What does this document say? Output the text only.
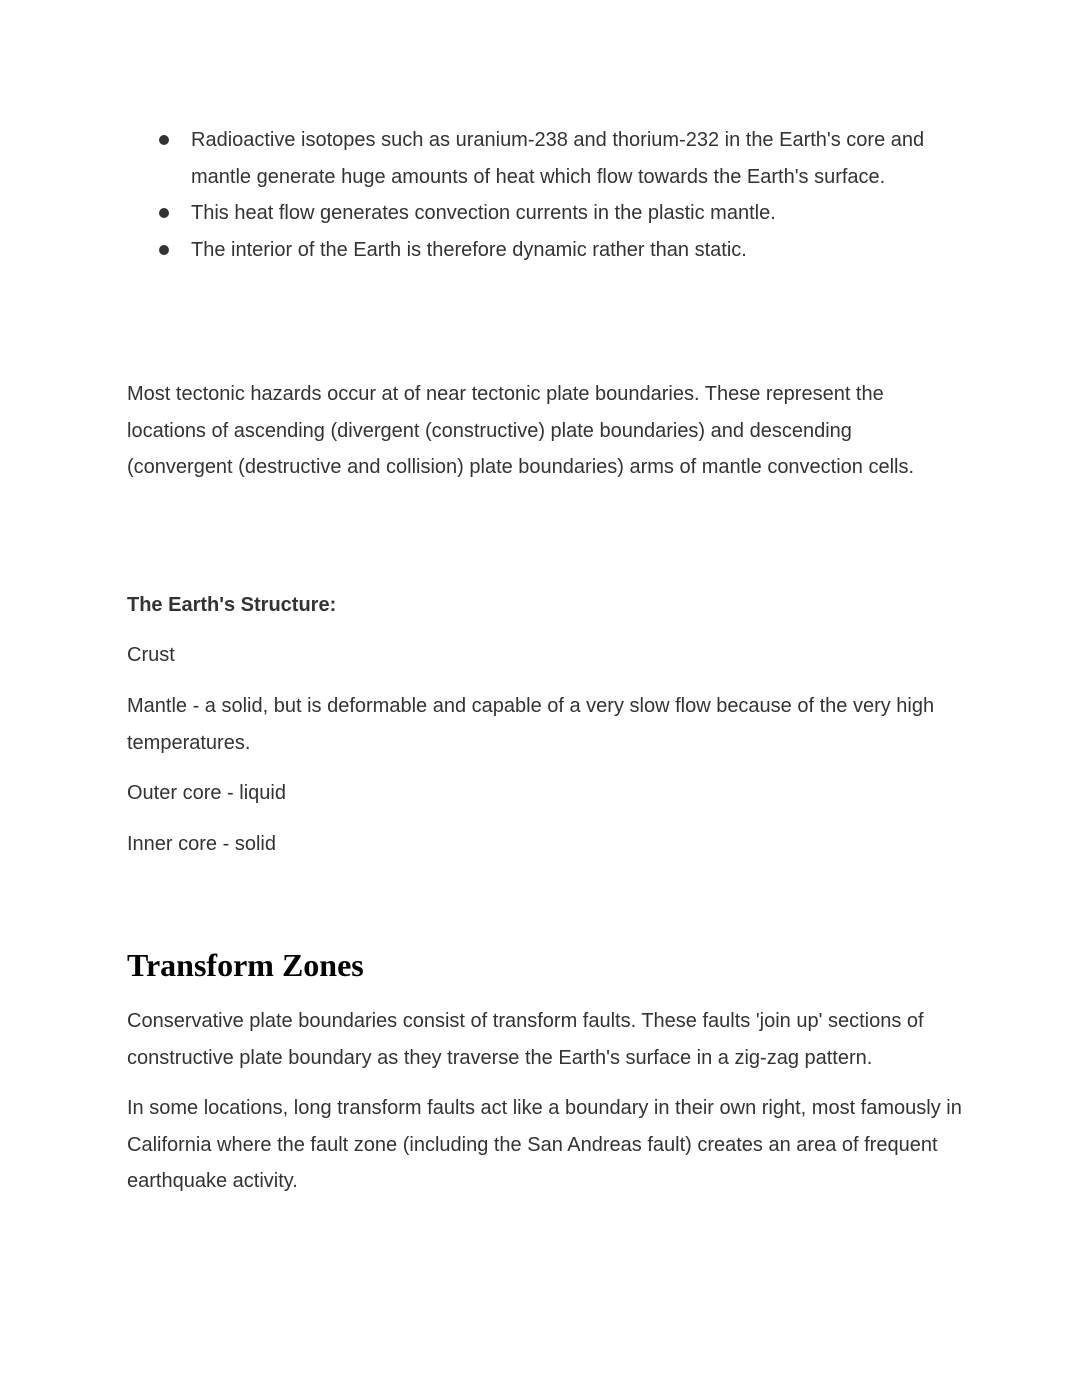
Radioactive isotopes such as uranium-238 and thorium-232 in the Earth's core and mantle generate huge amounts of heat which flow towards the Earth's surface.
This heat flow generates convection currents in the plastic mantle.
The interior of the Earth is therefore dynamic rather than static.

Most tectonic hazards occur at of near tectonic plate boundaries. These represent the locations of ascending (divergent (constructive) plate boundaries) and descending (convergent (destructive and collision) plate boundaries) arms of mantle convection cells.

The Earth's Structure:

Crust

Mantle - a solid, but is deformable and capable of a very slow flow because of the very high temperatures.

Outer core - liquid

Inner core - solid

Transform Zones

Conservative plate boundaries consist of transform faults. These faults 'join up' sections of constructive plate boundary as they traverse the Earth's surface in a zig-zag pattern.

In some locations, long transform faults act like a boundary in their own right, most famously in California where the fault zone (including the San Andreas fault) creates an area of frequent earthquake activity.
